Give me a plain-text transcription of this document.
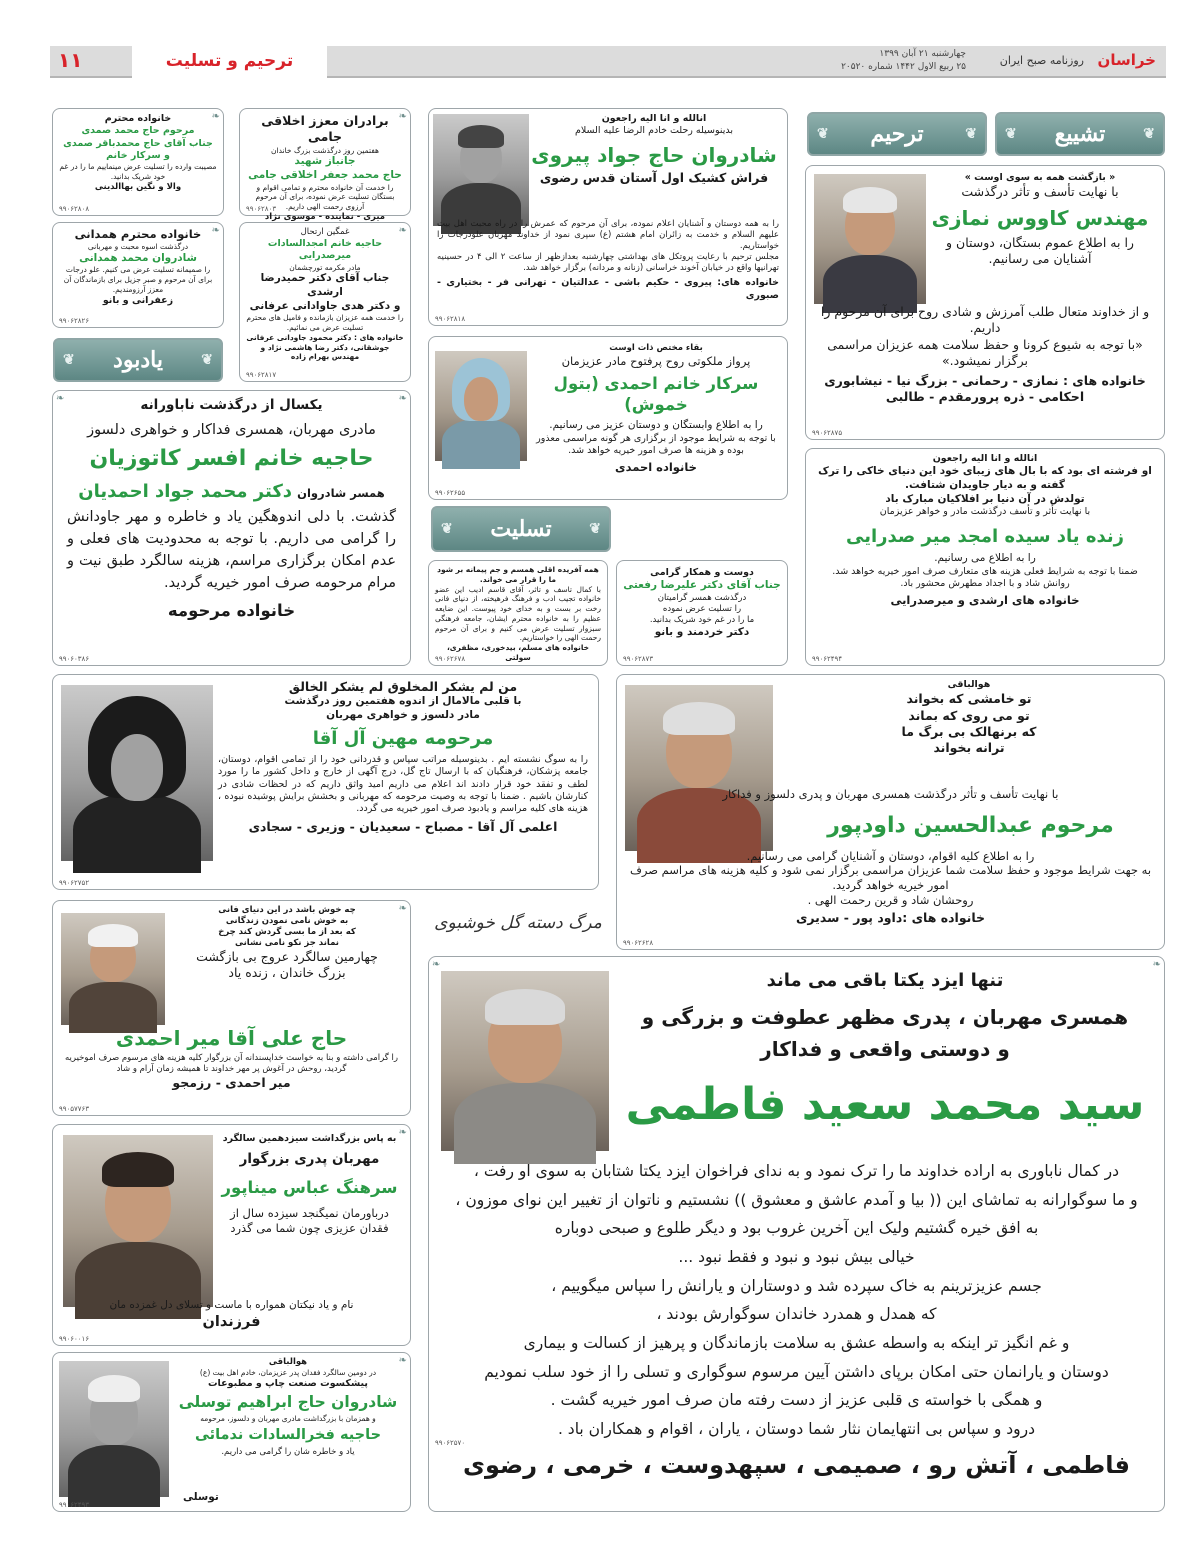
خراسان
روزنامه صبح ایران
چهارشنبه ۲۱ آبان ۱۳۹۹
۲۵ ربیع الاول ۱۴۴۲ شماره ۲۰۵۲۰
ترحیم و تسلیت
۱۱
❦
تشییع
❦
❦
ترحیم
❦
❦
یادبود
❦
❦
تسلیت
❦
« بازگشت همه به سوی اوست »
با نهایت تأسف و تأثر درگذشت
مهندس کاووس نمازی
را به اطلاع عموم بستگان، دوستان و آشنایان می رسانیم.
و از خداوند متعال طلب آمرزش و شادی روح برای آن مرحوم را داریم.
«با توجه به شیوع کرونا و حفظ سلامت همه عزیزان مراسمی برگزار نمیشود.»
خانواده های : نمازی - رحمانی - بزرگ نیا - نیشابوری
احکامی - ذره پرورمقدم - طالبی
۹۹۰۶۲۸۷۵
انالله و انا الیه راجعون
بدینوسیله رحلت خادم الرضا علیه السلام
شادروان حاج جواد پیروی
فراش کشیک اول آستان قدس رضوی
را به همه دوستان و آشنایان اعلام نموده، برای آن مرحوم که عمرش را در راه محبت اهل بیت علیهم السلام و خدمت به زائران امام هشتم (ع) سپری نمود از خداوند مهربان علودرجات را خواستاریم.
مجلس ترحیم با رعایت پروتکل های بهداشتی چهارشنبه بعدازظهر از ساعت ۲ الی ۴ در حسینیه تهرانیها واقع در خیابان آخوند خراسانی (زنانه و مردانه) برگزار خواهد شد.
خانواده های: پیروی - حکیم باشی - عدالتیان - تهرانی فر - بختیاری - صبوری
۹۹۰۶۲۸۱۸
❧
برادران معزز اخلاقی جامی
هفتمین روز درگذشت بزرگ خاندان
جانباز شهید
حاج محمد جعفر اخلاقی جامی
را خدمت آن خانواده محترم و تمامی اقوام و بستگان تسلیت عرض نموده، برای آن مرحوم آرزوی رحمت الهی داریم.
میری - نماینده - موسوی نژاد
۹۹۰۶۲۸۰۳
❧
خانواده محترم
مرحوم حاج محمد صمدی
جناب آقای حاج محمدباقر صمدی
و سرکار خانم
مصیبت وارده را تسلیت عرض مینماییم ما را در غم خود شریک بدانید.
والا و نگین بهاالدینی
۹۹۰۶۲۸۰۸
❧
خانواده محترم همدانی
درگذشت اسوه محبت و مهربانی
شادروان محمد همدانی
را صمیمانه تسلیت عرض می کنیم. علو درجات برای آن مرحوم و صبر جزیل برای بازماندگان آن معزز آرزومندیم.
زعفرانی و بانو
۹۹۰۶۲۸۲۶
❧
غمگین ارتحال
حاجیه خانم امجدالسادات میرصدرایی
مادر مکرمه تورچشمان
جناب آقای دکتر حمیدرضا ارشدی
و دکتر هدی جاوادانی عرفانی
را خدمت همه عزیزان بازمانده و فامیل های محترم تسلیت عرض می نمائیم.
خانواده های : دکتر محمود جاودانی عرفانی جوشقانی، دکتر رضا هاشمی نژاد و مهندس بهرام زاده
۹۹۰۶۲۸۱۷
بقاء مختص ذات اوست
پرواز ملکوتی روح پرفتوح مادر عزیزمان
سرکار خانم احمدی (بتول خموش)
را به اطلاع وابستگان و دوستان عزیز می رسانیم.
با توجه به شرایط موجود از برگزاری هر گونه مراسمی معذور بوده و هزینه ها صرف امور خیریه خواهد شد.
خانواده احمدی
۹۹۰۶۲۶۵۵
❧
❧	یکسال از درگذشت ناباورانه
مادری مهربان، همسری فداکار و خواهری دلسوز
حاجیه خانم افسر کاتوزیان
همسر شادروان دکتر محمد جواد احمدیان
گذشت. با دلی اندوهگین یاد و خاطره و مهر جاودانش را گرامی می داریم. با توجه به محدودیت های فعلی و عدم امکان برگزاری مراسم، هزینه سالگرد طبق نیت و مرام مرحومه صرف امور خیریه گردید.
خانواده مرحومه
۹۹۰۶۰۳۸۶
دوست و همکار گرامی
جناب آقای دکتر علیرضا رفعتی
درگذشت همسر گرامیتان
را تسلیت عرض نموده
ما را در غم خود شریک بدانید.
دکتر خردمند و بانو
۹۹۰۶۲۸۷۳
همه آفریده اقلی همسم و جم پیمانه بر شود ما را قرار می خواند.
با کمال تاسف و تاثر، آقای قاسم ادیب این عضو خانواده تجیب ادب و فرهنگ فرهیخته، از دنیای فانی رخت بر بست و به خدای خود پیوست. این ضایعه عظیم را به خانواده محترم ایشان، جامعه فرهنگی سبزوار تسلیت عرض می کنیم و برای آن مرحوم رحمت الهی را خواستاریم.
خانواده های مسلم، بیدخوری، مظفری، سولتی
۹۹۰۶۲۶۷۸
انالله و انا الیه راجعون
او فرشته ای بود که با بال های زیبای خود این دنیای خاکی را ترک گفته و به دیار جاویدان شتافت.
تولدش در آن دنیا بر افلاکیان مبارک باد
با نهایت تأثر و تأسف درگذشت مادر و خواهر عزیزمان
زنده یاد سیده امجد میر صدرایی
را به اطلاع می رسانیم.
ضمنا با توجه به شرایط فعلی هزینه های متعارف صرف امور خیریه خواهد شد. روانش شاد و با اجداد مطهرش محشور باد.
خانواده های ارشدی و میرصدرایی
۹۹۰۶۲۴۹۴
من لم یشکر المخلوق لم یشکر الخالق
با قلبی مالامال از اندوه هفتمین روز درگذشت
مادر دلسوز و خواهری مهربان
مرحومه مهین آل آقا
را به سوگ نشسته ایم . بدینوسیله مراتب سپاس و قدردانی خود را از تمامی اقوام، دوستان، جامعه پزشکان، فرهنگیان که با ارسال تاج گل، درج آگهی از خارج و داخل کشور ما را مورد لطف و تفقد خود قرار دادند اند اعلام می داریم امید واثق داریم که در لحظات شادی در کنارشان باشیم . ضمنا با توجه به وصیت مرحومه که مهربانی و بخشش برایش پوشیده نبوده ، هزینه های کلیه مراسم و یادبود صرف امور خیریه می گردد.
اعلمی آل آقا - مصباح - سعیدیان - وزیری - سجادی
۹۹۰۶۲۷۵۲
هوالباقی
تو خامشی که بخواند
تو می روی که بماند
که برنهالک بی برگ ما
ترانه بخواند
با نهایت تأسف و تأثر درگذشت همسری مهربان و پدری دلسوز و فداکار
مرحوم عبدالحسین داودپور
را به اطلاع کلیه اقوام، دوستان و آشنایان گرامی می رسانیم.
به جهت شرایط موجود و حفظ سلامت شما عزیزان مراسمی برگزار نمی شود و کلیه هزینه های مراسم صرف امور خیریه خواهد گردید.
روحشان شاد و قرین رحمت الهی .
خانواده های :داود پور - سدیری
۹۹۰۶۲۶۲۸
مرگ دسته گل خوشبوی
❧
چه خوش باشد در این دنیای فانی
به خوش نامی نمودن زندگانی
که بعد از ما بسی گردش کند چرخ
نماند جز نکو نامی نشانی
چهارمین سالگرد عروج بی بازگشت
بزرگ خاندان ، زنده یاد
حاج علی آقا میر احمدی
را گرامی داشته و بنا به خواست خداپسندانه آن بزرگوار کلیه هزینه های مرسوم صرف اموخیریه گردید، روحش در آغوش پر مهر خداوند تا همیشه زمان آرام و شاد
میر احمدی - رزمجو
۹۹۰۵۷۷۶۳
❧
به پاس بزرگداشت سیزدهمین سالگرد
مهربان پدری بزرگوار
سرهنگ عباس میناپور
درباورمان نمیگنجد سیزده سال از فقدان عزیزی چون شما می گذرد
نام و یاد نیکتان همواره با ماست و تسلای دل غمزده مان
فرزندان
۹۹۰۶۰۰۱۶
❧
هوالباقی
در دومین سالگرد فقدان پدر عزیزمان، خادم اهل بیت (ع)
پیشکسوت صنعت چاپ و مطبوعات
شادروان حاج ابراهیم توسلی
و همزمان با بزرگداشت مادری مهربان و دلسوز، مرحومه
حاجیه فخرالسادات ندمائی
یاد و خاطره شان را گرامی می داریم.
توسلی
۹۹۰۶۲۴۹۳
❧
❧
تنها ایزد یکتا باقی می ماند
همسری مهربان ، پدری مظهر عطوفت و بزرگی و
و دوستی واقعی و فداکار
سید محمد سعید فاطمی
در کمال ناباوری به اراده خداوند ما را ترک نمود و به ندای فراخوان ایزد یکتا شتابان به سوی او رفت ،
و ما سوگوارانه به تماشای این (( بیا و آمدم عاشق و معشوق )) نشستیم و ناتوان از تغییر این نوای موزون ،
به افق خیره گشتیم ولیک این آخرین غروب بود و دیگر طلوع و صبحی دوباره
خیالی بیش نبود و نبود و فقط نبود ...
جسم عزیزترینم به خاک سپرده شد و دوستاران و یارانش را سپاس میگوییم ،
که همدل و همدرد خاندان سوگوارش بودند ،
و غم انگیز تر اینکه به واسطه عشق به سلامت بازماندگان و پرهیز از کسالت و بیماری
دوستان و یارانمان حتی امکان برپای داشتن آیین مرسوم سوگواری و تسلی را از خود سلب نمودیم
و همگی با خواسته ی قلبی عزیز از دست رفته مان صرف امور خیریه گشت .
درود و سپاس بی انتهایمان نثار شما دوستان ، یاران ، اقوام و همکاران باد .
فاطمی ، آتش رو ، صمیمی ، سپهدوست ، خرمی ، رضوی
۹۹۰۶۲۵۷۰
